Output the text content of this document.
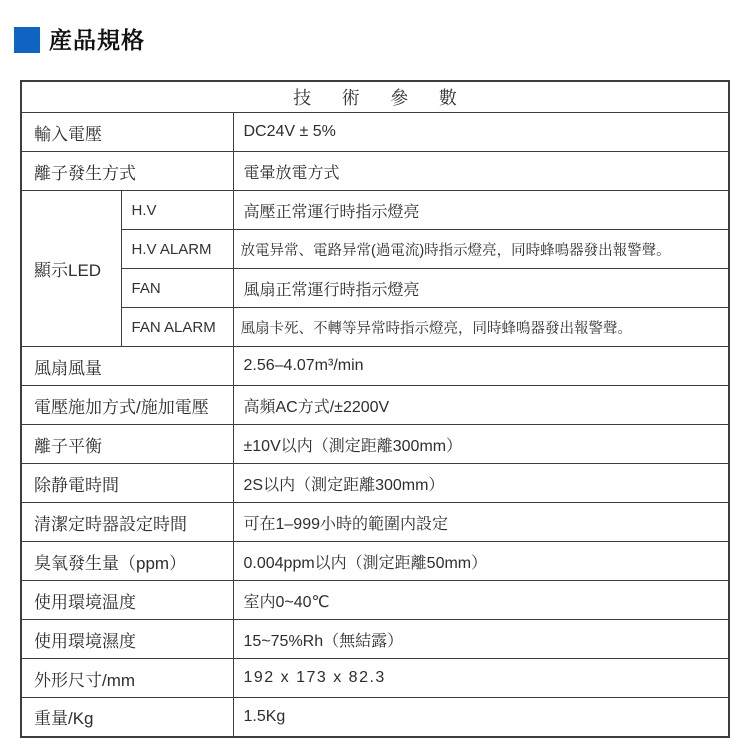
産品規格
技　術　參　數		
輸入電壓		DC24V ± 5%
離子發生方式		電暈放電方式
顯示LED	H.V	高壓正常運行時指示燈亮
	H.V ALARM	放電异常、電路异常(過電流)時指示燈亮，同時蜂鳴器發出報警聲。
	FAN	風扇正常運行時指示燈亮
	FAN ALARM	風扇卡死、不轉等异常時指示燈亮，同時蜂鳴器發出報警聲。
風扇風量		2.56–4.07m³/min
電壓施加方式/施加電壓		高頻AC方式/±2200V
離子平衡		±10V以内（測定距離300mm）
除静電時間		2S以内（測定距離300mm）
清潔定時器設定時間		可在1–999小時的範圍内設定
臭氧發生量（ppm）		0.004ppm以内（測定距離50mm）
使用環境温度		室内0~40℃
使用環境濕度		15~75%Rh（無結露）
外形尺寸/mm		192 x 173 x 82.3
重量/Kg		1.5Kg
